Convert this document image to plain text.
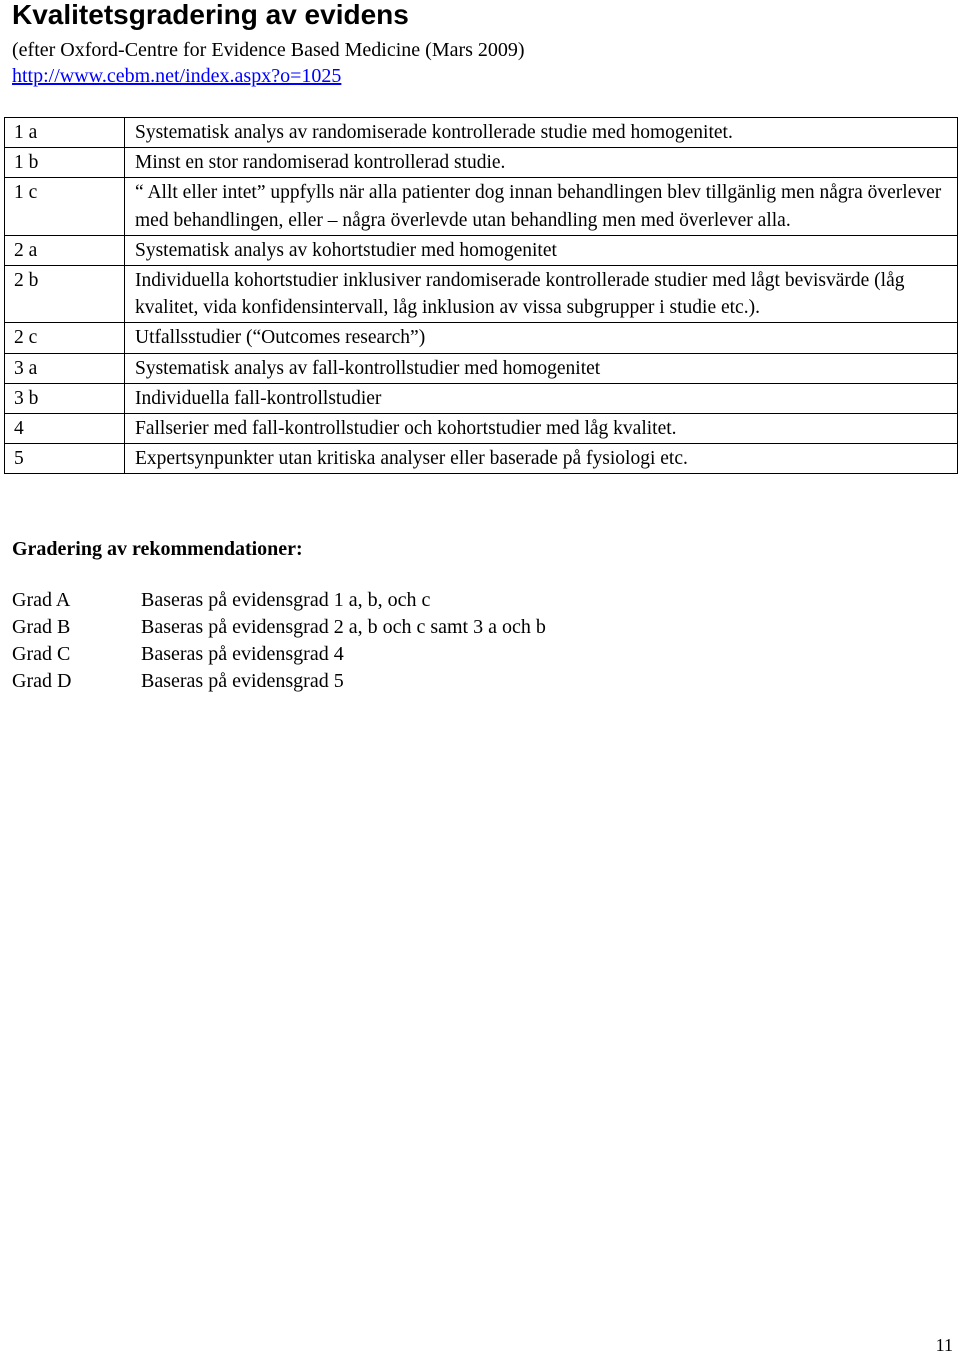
Kvalitetsgradering av evidens
(efter Oxford-Centre for Evidence Based Medicine (Mars 2009)
http://www.cebm.net/index.aspx?o=1025
1 a	Systematisk analys av randomiserade kontrollerade studie med homogenitet.
1 b	Minst en stor randomiserad kontrollerad studie.
1 c	“ Allt eller intet” uppfylls när alla patienter dog innan behandlingen blev tillgänlig men några överlever med behandlingen, eller – några överlevde utan behandling men med överlever alla.
2 a	Systematisk analys av kohortstudier med homogenitet
2 b	Individuella kohortstudier inklusiver randomiserade kontrollerade studier med lågt bevisvärde (låg kvalitet, vida konfidensintervall, låg inklusion av vissa subgrupper i studie etc.).
2 c	Utfallsstudier (“Outcomes research”)
3 a	Systematisk analys av fall-kontrollstudier med homogenitet
3 b	Individuella fall-kontrollstudier
4	Fallserier med fall-kontrollstudier och kohortstudier med låg kvalitet.
5	Expertsynpunkter utan kritiska analyser eller baserade på fysiologi etc.
Gradering av rekommendationer:
Grad A	Baseras på evidensgrad 1 a, b, och c
Grad B	Baseras på evidensgrad 2 a, b och c samt 3 a och b
Grad C	Baseras på evidensgrad 4
Grad D	Baseras på evidensgrad 5
11
